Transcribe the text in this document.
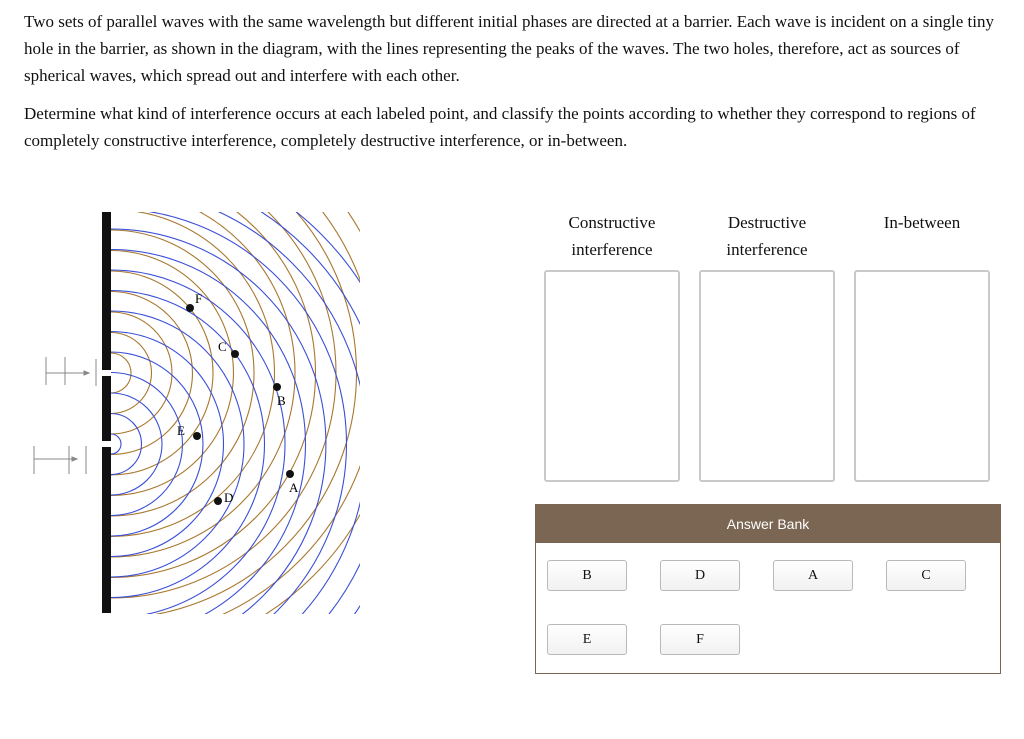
Two sets of parallel waves with the same wavelength but different initial phases are directed at a barrier. Each wave is incident on a single tiny hole in the barrier, as shown in the diagram, with the lines representing the peaks of the waves. The two holes, therefore, act as sources of spherical waves, which spread out and interfere with each other.

Determine what kind of interference occurs at each labeled point, and classify the points according to whether they correspond to regions of completely constructive interference, completely destructive interference, or in-between.

F
C
B
E
D
A
Constructive
interference
Destructive
interference
In-between
Answer Bank
B	D	A	C
E	F
